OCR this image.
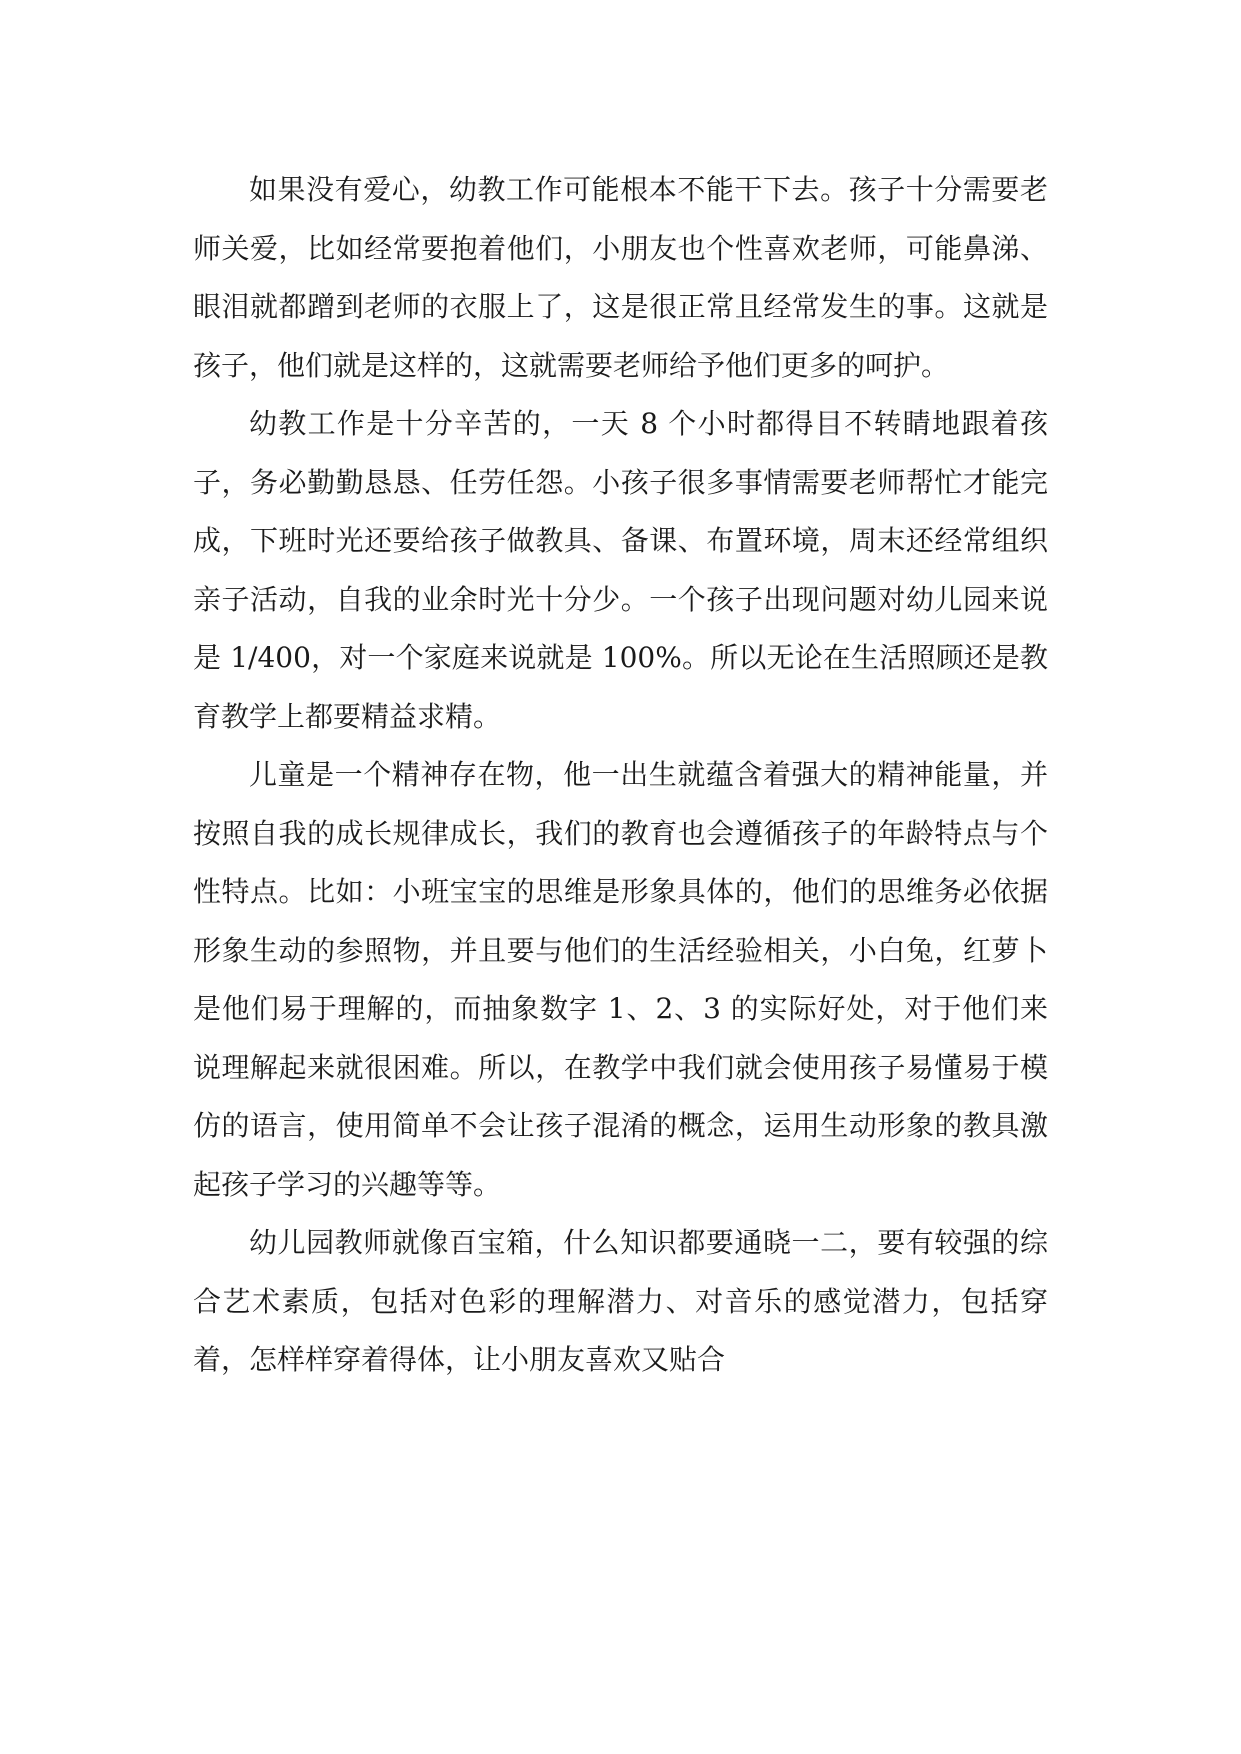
如果没有爱心，幼教工作可能根本不能干下去。孩子十分需要老师关爱，比如经常要抱着他们，小朋友也个性喜欢老师，可能鼻涕、眼泪就都蹭到老师的衣服上了，这是很正常且经常发生的事。这就是孩子，他们就是这样的，这就需要老师给予他们更多的呵护。

幼教工作是十分辛苦的，一天 8 个小时都得目不转睛地跟着孩子，务必勤勤恳恳、任劳任怨。小孩子很多事情需要老师帮忙才能完成，下班时光还要给孩子做教具、备课、布置环境，周末还经常组织亲子活动，自我的业余时光十分少。一个孩子出现问题对幼儿园来说是 1/400，对一个家庭来说就是 100%。所以无论在生活照顾还是教育教学上都要精益求精。

儿童是一个精神存在物，他一出生就蕴含着强大的精神能量，并按照自我的成长规律成长，我们的教育也会遵循孩子的年龄特点与个性特点。比如：小班宝宝的思维是形象具体的，他们的思维务必依据形象生动的参照物，并且要与他们的生活经验相关，小白兔，红萝卜是他们易于理解的，而抽象数字 1、2、3 的实际好处，对于他们来说理解起来就很困难。所以，在教学中我们就会使用孩子易懂易于模仿的语言，使用简单不会让孩子混淆的概念，运用生动形象的教具激起孩子学习的兴趣等等。

幼儿园教师就像百宝箱，什么知识都要通晓一二，要有较强的综合艺术素质，包括对色彩的理解潜力、对音乐的感觉潜力，包括穿着，怎样样穿着得体，让小朋友喜欢又贴合
